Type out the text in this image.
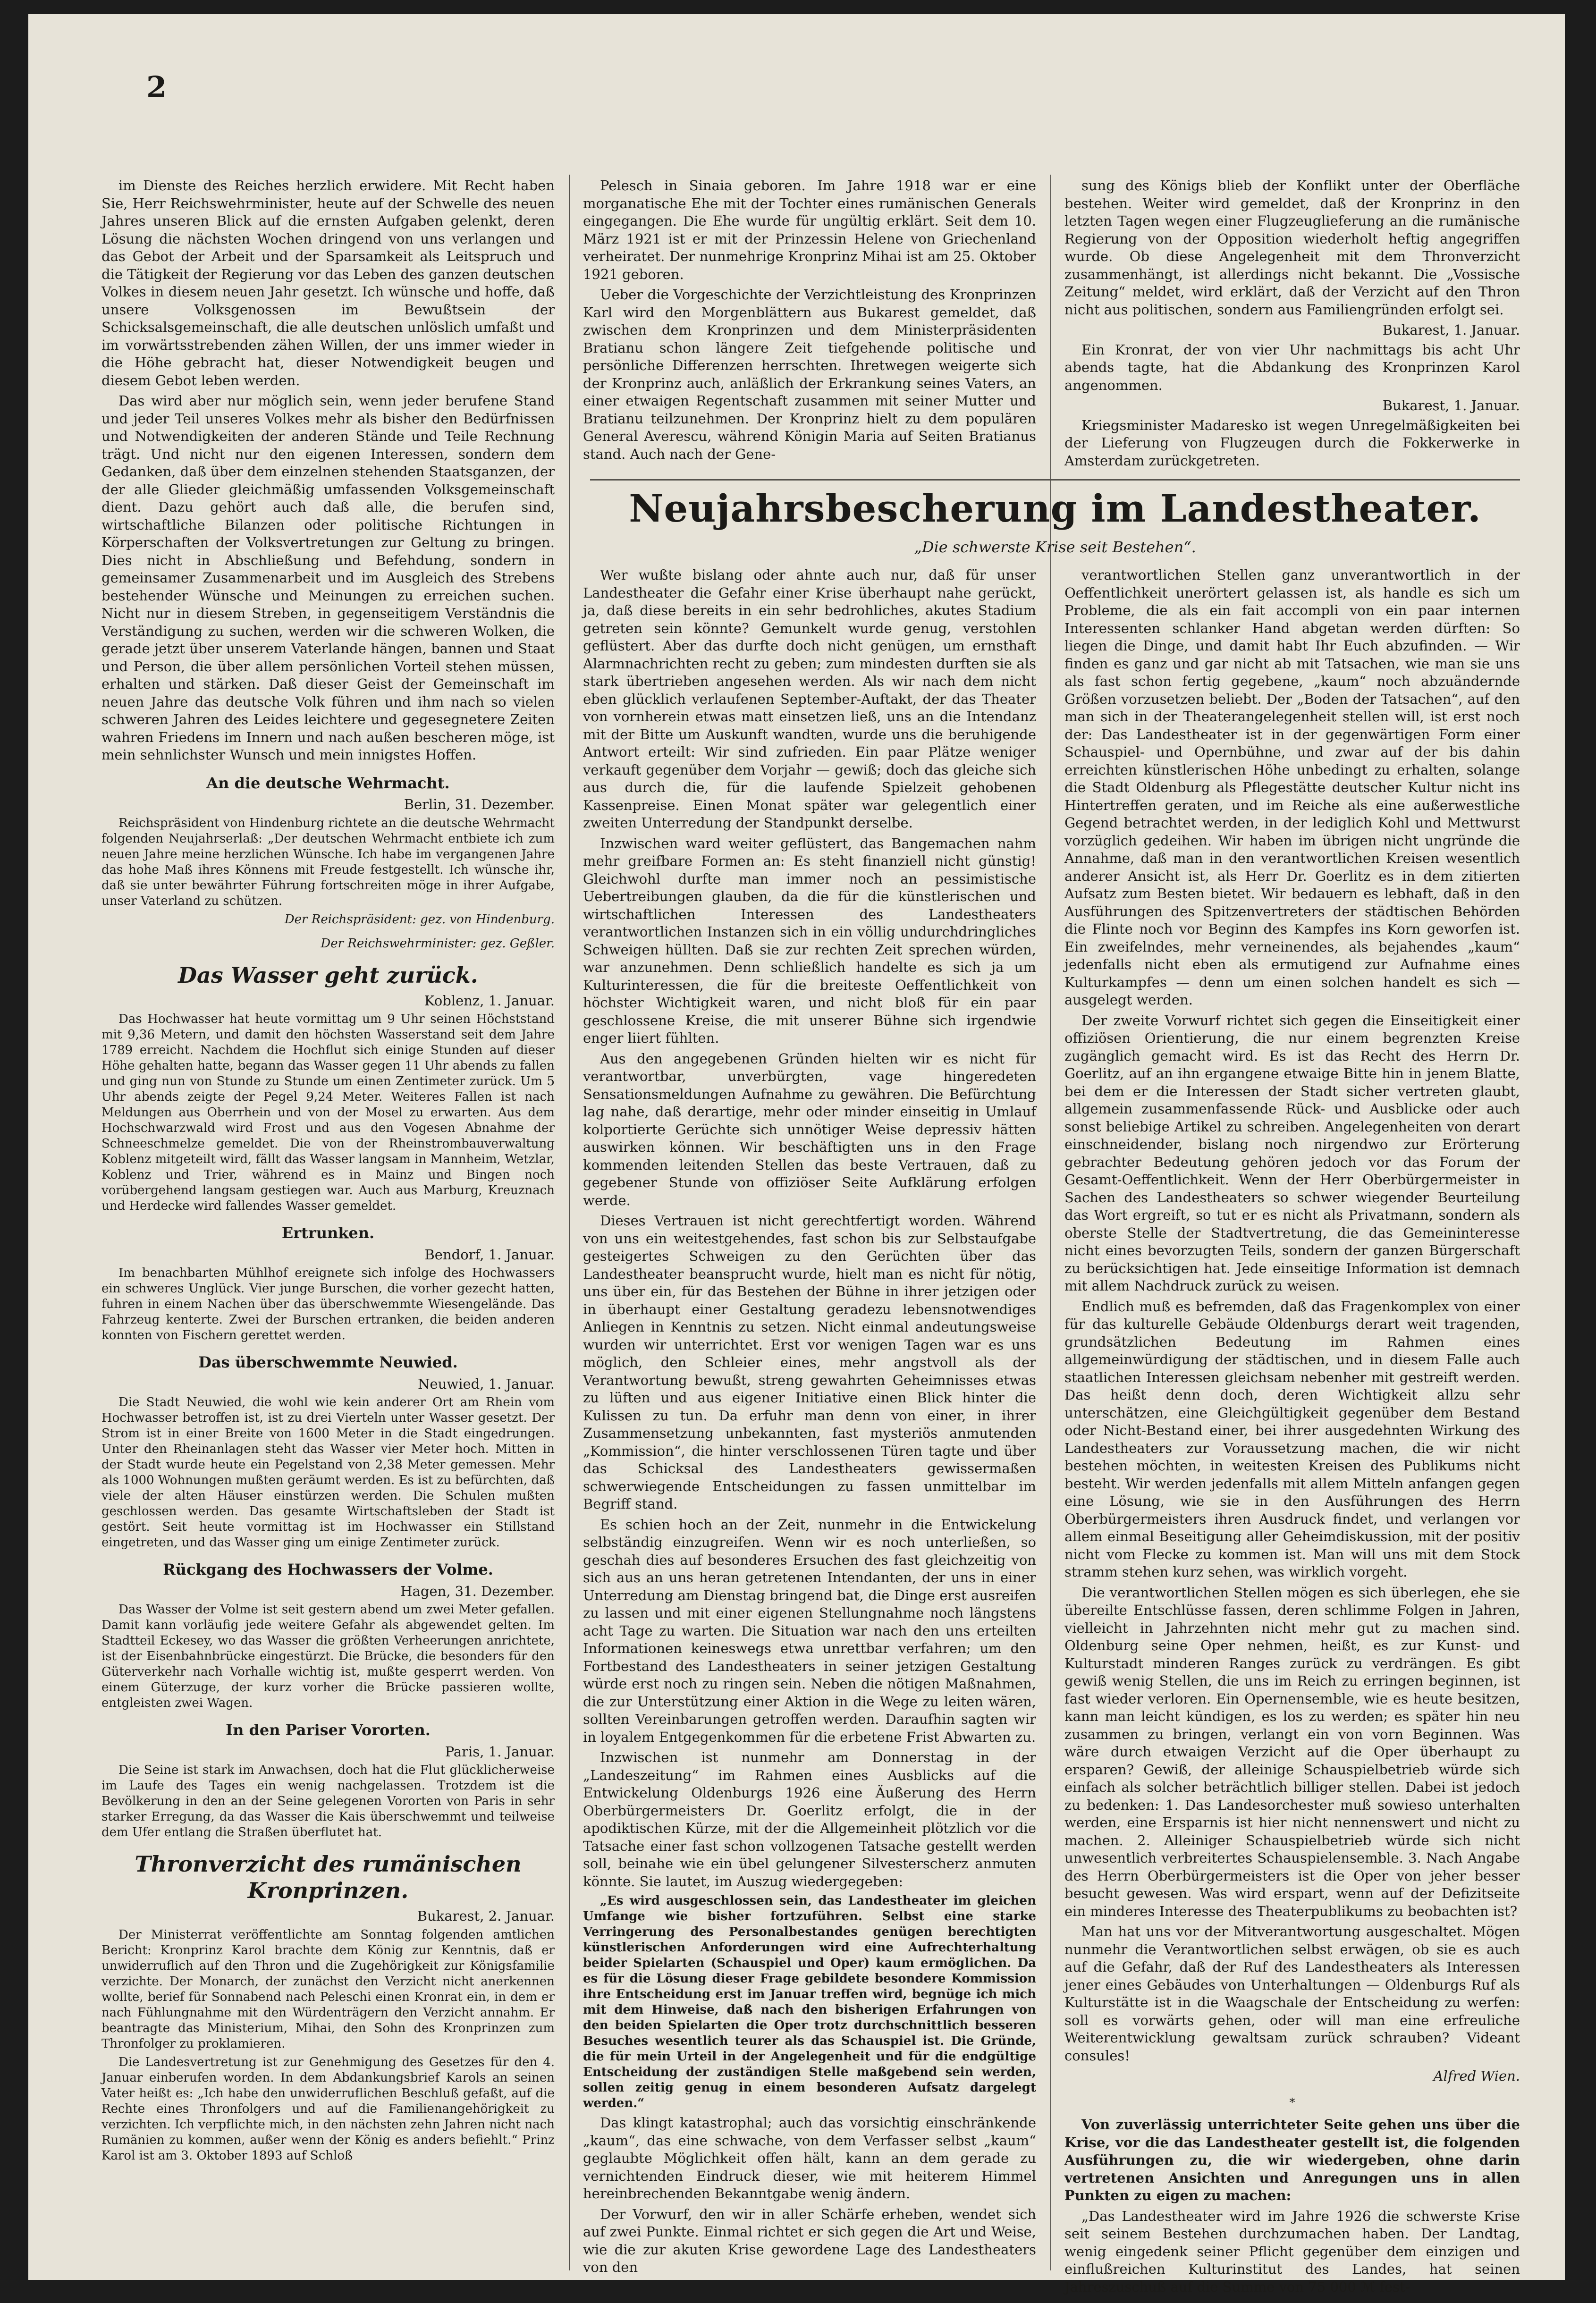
2

im Dienste des Reiches herzlich erwidere. Mit Recht haben Sie, Herr Reichswehrminister, heute auf der Schwelle des neuen Jahres unseren Blick auf die ernsten Aufgaben gelenkt, deren Lösung die nächsten Wochen dringend von uns verlangen und das Gebot der Arbeit und der Sparsamkeit als Leitspruch und die Tätigkeit der Regierung vor das Leben des ganzen deutschen Volkes in diesem neuen Jahr gesetzt. Ich wünsche und hoffe, daß unsere Volksgenossen im Bewußtsein der Schicksalsgemeinschaft, die alle deutschen unlöslich umfaßt und im vorwärtsstrebenden zähen Willen, der uns immer wieder in die Höhe gebracht hat, dieser Notwendigkeit beugen und diesem Gebot leben werden.

Das wird aber nur möglich sein, wenn jeder berufene Stand und jeder Teil unseres Volkes mehr als bisher den Bedürfnissen und Notwendigkeiten der anderen Stände und Teile Rechnung trägt. Und nicht nur den eigenen Interessen, sondern dem Gedanken, daß über dem einzelnen stehenden Staatsganzen, der der alle Glieder gleichmäßig umfassenden Volksgemeinschaft dient. Dazu gehört auch daß alle, die berufen sind, wirtschaftliche Bilanzen oder politische Richtungen in Körperschaften der Volksvertretungen zur Geltung zu bringen. Dies nicht in Abschließung und Befehdung, sondern in gemeinsamer Zusammenarbeit und im Ausgleich des Strebens bestehender Wünsche und Meinungen zu erreichen suchen. Nicht nur in diesem Streben, in gegenseitigem Verständnis die Verständigung zu suchen, werden wir die schweren Wolken, die gerade jetzt über unserem Vaterlande hängen, bannen und Staat und Person, die über allem persönlichen Vorteil stehen müssen, erhalten und stärken. Daß dieser Geist der Gemeinschaft im neuen Jahre das deutsche Volk führen und ihm nach so vielen schweren Jahren des Leides leichtere und gegesegnetere Zeiten wahren Friedens im Innern und nach außen bescheren möge, ist mein sehnlichster Wunsch und mein innigstes Hoffen.

An die deutsche Wehrmacht.
Berlin, 31. Dezember.

Reichspräsident von Hindenburg richtete an die deutsche Wehrmacht folgenden Neujahrserlaß: „Der deutschen Wehrmacht entbiete ich zum neuen Jahre meine herzlichen Wünsche. Ich habe im vergangenen Jahre das hohe Maß ihres Könnens mit Freude festgestellt. Ich wünsche ihr, daß sie unter bewährter Führung fortschreiten möge in ihrer Aufgabe, unser Vaterland zu schützen.

Der Reichspräsident: gez. von Hindenburg.
Der Reichswehrminister: gez. Geßler.
Das Wasser geht zurück.
Koblenz, 1. Januar.

Das Hochwasser hat heute vormittag um 9 Uhr seinen Höchststand mit 9,36 Metern, und damit den höchsten Wasserstand seit dem Jahre 1789 erreicht. Nachdem die Hochflut sich einige Stunden auf dieser Höhe gehalten hatte, begann das Wasser gegen 11 Uhr abends zu fallen und ging nun von Stunde zu Stunde um einen Zentimeter zurück. Um 5 Uhr abends zeigte der Pegel 9,24 Meter. Weiteres Fallen ist nach Meldungen aus Oberrhein und von der Mosel zu erwarten. Aus dem Hochschwarzwald wird Frost und aus den Vogesen Abnahme der Schneeschmelze gemeldet. Die von der Rheinstrombauverwaltung Koblenz mitgeteilt wird, fällt das Wasser langsam in Mannheim, Wetzlar, Koblenz und Trier, während es in Mainz und Bingen noch vorübergehend langsam gestiegen war. Auch aus Marburg, Kreuznach und Herdecke wird fallendes Wasser gemeldet.

Ertrunken.
Bendorf, 1. Januar.

Im benachbarten Mühlhof ereignete sich infolge des Hochwassers ein schweres Unglück. Vier junge Burschen, die vorher gezecht hatten, fuhren in einem Nachen über das überschwemmte Wiesengelände. Das Fahrzeug kenterte. Zwei der Burschen ertranken, die beiden anderen konnten von Fischern gerettet werden.

Das überschwemmte Neuwied.
Neuwied, 1. Januar.

Die Stadt Neuwied, die wohl wie kein anderer Ort am Rhein vom Hochwasser betroffen ist, ist zu drei Vierteln unter Wasser gesetzt. Der Strom ist in einer Breite von 1600 Meter in die Stadt eingedrungen. Unter den Rheinanlagen steht das Wasser vier Meter hoch. Mitten in der Stadt wurde heute ein Pegelstand von 2,38 Meter gemessen. Mehr als 1000 Wohnungen mußten geräumt werden. Es ist zu befürchten, daß viele der alten Häuser einstürzen werden. Die Schulen mußten geschlossen werden. Das gesamte Wirtschaftsleben der Stadt ist gestört. Seit heute vormittag ist im Hochwasser ein Stillstand eingetreten, und das Wasser ging um einige Zentimeter zurück.

Rückgang des Hochwassers der Volme.
Hagen, 31. Dezember.

Das Wasser der Volme ist seit gestern abend um zwei Meter gefallen. Damit kann vorläufig jede weitere Gefahr als abgewendet gelten. Im Stadtteil Eckesey, wo das Wasser die größten Verheerungen anrichtete, ist der Eisenbahnbrücke eingestürzt. Die Brücke, die besonders für den Güterverkehr nach Vorhalle wichtig ist, mußte gesperrt werden. Von einem Güterzuge, der kurz vorher die Brücke passieren wollte, entgleisten zwei Wagen.

In den Pariser Vororten.
Paris, 1. Januar.

Die Seine ist stark im Anwachsen, doch hat die Flut glücklicherweise im Laufe des Tages ein wenig nachgelassen. Trotzdem ist die Bevölkerung in den an der Seine gelegenen Vororten von Paris in sehr starker Erregung, da das Wasser die Kais überschwemmt und teilweise dem Ufer entlang die Straßen überflutet hat.

Thronverzicht des rumänischen Kronprinzen.
Bukarest, 2. Januar.

Der Ministerrat veröffentlichte am Sonntag folgenden amtlichen Bericht: Kronprinz Karol brachte dem König zur Kenntnis, daß er unwiderruflich auf den Thron und die Zugehörigkeit zur Königsfamilie verzichte. Der Monarch, der zunächst den Verzicht nicht anerkennen wollte, berief für Sonnabend nach Peleschi einen Kronrat ein, in dem er nach Fühlungnahme mit den Würdenträgern den Verzicht annahm. Er beantragte das Ministerium, Mihai, den Sohn des Kronprinzen zum Thronfolger zu proklamieren.

Die Landesvertretung ist zur Genehmigung des Gesetzes für den 4. Januar einberufen worden. In dem Abdankungsbrief Karols an seinen Vater heißt es: „Ich habe den unwiderruflichen Beschluß gefaßt, auf die Rechte eines Thronfolgers und auf die Familienangehörigkeit zu verzichten. Ich verpflichte mich, in den nächsten zehn Jahren nicht nach Rumänien zu kommen, außer wenn der König es anders befiehlt.“ Prinz Karol ist am 3. Oktober 1893 auf Schloß

Pelesch in Sinaia geboren. Im Jahre 1918 war er eine morganatische Ehe mit der Tochter eines rumänischen Generals eingegangen. Die Ehe wurde für ungültig erklärt. Seit dem 10. März 1921 ist er mit der Prinzessin Helene von Griechenland verheiratet. Der nunmehrige Kronprinz Mihai ist am 25. Oktober 1921 geboren.

Ueber die Vorgeschichte der Verzichtleistung des Kronprinzen Karl wird den Morgenblättern aus Bukarest gemeldet, daß zwischen dem Kronprinzen und dem Ministerpräsidenten Bratianu schon längere Zeit tiefgehende politische und persönliche Differenzen herrschten. Ihretwegen weigerte sich der Kronprinz auch, anläßlich der Erkrankung seines Vaters, an einer etwaigen Regentschaft zusammen mit seiner Mutter und Bratianu teilzunehmen. Der Kronprinz hielt zu dem populären General Averescu, während Königin Maria auf Seiten Bratianus stand. Auch nach der Gene-

sung des Königs blieb der Konflikt unter der Oberfläche bestehen. Weiter wird gemeldet, daß der Kronprinz in den letzten Tagen wegen einer Flugzeuglieferung an die rumänische Regierung von der Opposition wiederholt heftig angegriffen wurde. Ob diese Angelegenheit mit dem Thronverzicht zusammenhängt, ist allerdings nicht bekannt. Die „Vossische Zeitung“ meldet, wird erklärt, daß der Verzicht auf den Thron nicht aus politischen, sondern aus Familiengründen erfolgt sei.

Bukarest, 1. Januar.

Ein Kronrat, der von vier Uhr nachmittags bis acht Uhr abends tagte, hat die Abdankung des Kronprinzen Karol angenommen.

Bukarest, 1. Januar.

Kriegsminister Madaresko ist wegen Unregelmäßigkeiten bei der Lieferung von Flugzeugen durch die Fokkerwerke in Amsterdam zurückgetreten.

Neujahrsbescherung im Landestheater.
„Die schwerste Krise seit Bestehen“.

Wer wußte bislang oder ahnte auch nur, daß für unser Landestheater die Gefahr einer Krise überhaupt nahe gerückt, ja, daß diese bereits in ein sehr bedrohliches, akutes Stadium getreten sein könnte? Gemunkelt wurde genug, verstohlen geflüstert. Aber das durfte doch nicht genügen, um ernsthaft Alarmnachrichten recht zu geben; zum mindesten durften sie als stark übertrieben angesehen werden. Als wir nach dem nicht eben glücklich verlaufenen September-Auftakt, der das Theater von vornherein etwas matt einsetzen ließ, uns an die Intendanz mit der Bitte um Auskunft wandten, wurde uns die beruhigende Antwort erteilt: Wir sind zufrieden. Ein paar Plätze weniger verkauft gegenüber dem Vorjahr — gewiß; doch das gleiche sich aus durch die, für die laufende Spielzeit gehobenen Kassenpreise. Einen Monat später war gelegentlich einer zweiten Unterredung der Standpunkt derselbe.

Inzwischen ward weiter geflüstert, das Bangemachen nahm mehr greifbare Formen an: Es steht finanziell nicht günstig! Gleichwohl durfte man immer noch an pessimistische Uebertreibungen glauben, da die für die künstlerischen und wirtschaftlichen Interessen des Landestheaters verantwortlichen Instanzen sich in ein völlig undurchdringliches Schweigen hüllten. Daß sie zur rechten Zeit sprechen würden, war anzunehmen. Denn schließlich handelte es sich ja um Kulturinteressen, die für die breiteste Oeffentlichkeit von höchster Wichtigkeit waren, und nicht bloß für ein paar geschlossene Kreise, die mit unserer Bühne sich irgendwie enger liiert fühlten.

Aus den angegebenen Gründen hielten wir es nicht für verantwortbar, unverbürgten, vage hingeredeten Sensationsmeldungen Aufnahme zu gewähren. Die Befürchtung lag nahe, daß derartige, mehr oder minder einseitig in Umlauf kolportierte Gerüchte sich unnötiger Weise depressiv hätten auswirken können. Wir beschäftigten uns in den Frage kommenden leitenden Stellen das beste Vertrauen, daß zu gegebener Stunde von offiziöser Seite Aufklärung erfolgen werde.

Dieses Vertrauen ist nicht gerechtfertigt worden. Während von uns ein weitestgehendes, fast schon bis zur Selbstaufgabe gesteigertes Schweigen zu den Gerüchten über das Landestheater beansprucht wurde, hielt man es nicht für nötig, uns über ein, für das Bestehen der Bühne in ihrer jetzigen oder in überhaupt einer Gestaltung geradezu lebensnotwendiges Anliegen in Kenntnis zu setzen. Nicht einmal andeutungsweise wurden wir unterrichtet. Erst vor wenigen Tagen war es uns möglich, den Schleier eines, mehr angstvoll als der Verantwortung bewußt, streng gewahrten Geheimnisses etwas zu lüften und aus eigener Initiative einen Blick hinter die Kulissen zu tun. Da erfuhr man denn von einer, in ihrer Zusammensetzung unbekannten, fast mysteriös anmutenden „Kommission“, die hinter verschlossenen Türen tagte und über das Schicksal des Landestheaters gewissermaßen schwerwiegende Entscheidungen zu fassen unmittelbar im Begriff stand.

Es schien hoch an der Zeit, nunmehr in die Entwickelung selbständig einzugreifen. Wenn wir es noch unterließen, so geschah dies auf besonderes Ersuchen des fast gleichzeitig von sich aus an uns heran getretenen Intendanten, der uns in einer Unterredung am Dienstag bringend bat, die Dinge erst ausreifen zu lassen und mit einer eigenen Stellungnahme noch längstens acht Tage zu warten. Die Situation war nach den uns erteilten Informationen keineswegs etwa unrettbar verfahren; um den Fortbestand des Landestheaters in seiner jetzigen Gestaltung würde erst noch zu ringen sein. Neben die nötigen Maßnahmen, die zur Unterstützung einer Aktion in die Wege zu leiten wären, sollten Vereinbarungen getroffen werden. Daraufhin sagten wir in loyalem Entgegenkommen für die erbetene Frist Abwarten zu.

Inzwischen ist nunmehr am Donnerstag in der „Landeszeitung“ im Rahmen eines Ausblicks auf die Entwickelung Oldenburgs 1926 eine Äußerung des Herrn Oberbürgermeisters Dr. Goerlitz erfolgt, die in der apodiktischen Kürze, mit der die Allgemeinheit plötzlich vor die Tatsache einer fast schon vollzogenen Tatsache gestellt werden soll, beinahe wie ein übel gelungener Silvesterscherz anmuten könnte. Sie lautet, im Auszug wiedergegeben:

„Es wird ausgeschlossen sein, das Landestheater im gleichen Umfange wie bisher fortzuführen. Selbst eine starke Verringerung des Personalbestandes genügen berechtigten künstlerischen Anforderungen wird eine Aufrechterhaltung beider Spielarten (Schauspiel und Oper) kaum ermöglichen. Da es für die Lösung dieser Frage gebildete besondere Kommission ihre Entscheidung erst im Januar treffen wird, begnüge ich mich mit dem Hinweise, daß nach den bisherigen Erfahrungen von den beiden Spielarten die Oper trotz durchschnittlich besseren Besuches wesentlich teurer als das Schauspiel ist. Die Gründe, die für mein Urteil in der Angelegenheit und für die endgültige Entscheidung der zuständigen Stelle maßgebend sein werden, sollen zeitig genug in einem besonderen Aufsatz dargelegt werden.“

Das klingt katastrophal; auch das vorsichtig einschränkende „kaum“, das eine schwache, von dem Verfasser selbst „kaum“ geglaubte Möglichkeit offen hält, kann an dem gerade zu vernichtenden Eindruck dieser, wie mit heiterem Himmel hereinbrechenden Bekanntgabe wenig ändern.

Der Vorwurf, den wir in aller Schärfe erheben, wendet sich auf zwei Punkte. Einmal richtet er sich gegen die Art und Weise, wie die zur akuten Krise gewordene Lage des Landestheaters von den

verantwortlichen Stellen ganz unverantwortlich in der Oeffentlichkeit unerörtert gelassen ist, als handle es sich um Probleme, die als ein fait accompli von ein paar internen Interessenten schlanker Hand abgetan werden dürften: So liegen die Dinge, und damit habt Ihr Euch abzufinden. — Wir finden es ganz und gar nicht ab mit Tatsachen, wie man sie uns als fast schon fertig gegebene, „kaum“ noch abzuändernde Größen vorzusetzen beliebt. Der „Boden der Tatsachen“, auf den man sich in der Theaterangelegenheit stellen will, ist erst noch der: Das Landestheater ist in der gegenwärtigen Form einer Schauspiel- und Opernbühne, und zwar auf der bis dahin erreichten künstlerischen Höhe unbedingt zu erhalten, solange die Stadt Oldenburg als Pflegestätte deutscher Kultur nicht ins Hintertreffen geraten, und im Reiche als eine außerwestliche Gegend betrachtet werden, in der lediglich Kohl und Mettwurst vorzüglich gedeihen. Wir haben im übrigen nicht ungründe die Annahme, daß man in den verantwortlichen Kreisen wesentlich anderer Ansicht ist, als Herr Dr. Goerlitz es in dem zitierten Aufsatz zum Besten bietet. Wir bedauern es lebhaft, daß in den Ausführungen des Spitzenvertreters der städtischen Behörden die Flinte noch vor Beginn des Kampfes ins Korn geworfen ist. Ein zweifelndes, mehr verneinendes, als bejahendes „kaum“ jedenfalls nicht eben als ermutigend zur Aufnahme eines Kulturkampfes — denn um einen solchen handelt es sich — ausgelegt werden.

Der zweite Vorwurf richtet sich gegen die Einseitigkeit einer offiziösen Orientierung, die nur einem begrenzten Kreise zugänglich gemacht wird. Es ist das Recht des Herrn Dr. Goerlitz, auf an ihn ergangene etwaige Bitte hin in jenem Blatte, bei dem er die Interessen der Stadt sicher vertreten glaubt, allgemein zusammenfassende Rück- und Ausblicke oder auch sonst beliebige Artikel zu schreiben. Angelegenheiten von derart einschneidender, bislang noch nirgendwo zur Erörterung gebrachter Bedeutung gehören jedoch vor das Forum der Gesamt-Oeffentlichkeit. Wenn der Herr Oberbürgermeister in Sachen des Landestheaters so schwer wiegender Beurteilung das Wort ergreift, so tut er es nicht als Privatmann, sondern als oberste Stelle der Stadtvertretung, die das Gemeininteresse nicht eines bevorzugten Teils, sondern der ganzen Bürgerschaft zu berücksichtigen hat. Jede einseitige Information ist demnach mit allem Nachdruck zurück zu weisen.

Endlich muß es befremden, daß das Fragenkomplex von einer für das kulturelle Gebäude Oldenburgs derart weit tragenden, grundsätzlichen Bedeutung im Rahmen eines allgemeinwürdigung der städtischen, und in diesem Falle auch staatlichen Interessen gleichsam nebenher mit gestreift werden. Das heißt denn doch, deren Wichtigkeit allzu sehr unterschätzen, eine Gleichgültigkeit gegenüber dem Bestand oder Nicht-Bestand einer, bei ihrer ausgedehnten Wirkung des Landestheaters zur Voraussetzung machen, die wir nicht bestehen möchten, in weitesten Kreisen des Publikums nicht besteht. Wir werden jedenfalls mit allem Mitteln anfangen gegen eine Lösung, wie sie in den Ausführungen des Herrn Oberbürgermeisters ihren Ausdruck findet, und verlangen vor allem einmal Beseitigung aller Geheimdiskussion, mit der positiv nicht vom Flecke zu kommen ist. Man will uns mit dem Stock stramm stehen kurz sehen, was wirklich vorgeht.

Die verantwortlichen Stellen mögen es sich überlegen, ehe sie übereilte Entschlüsse fassen, deren schlimme Folgen in Jahren, vielleicht in Jahrzehnten nicht mehr gut zu machen sind. Oldenburg seine Oper nehmen, heißt, es zur Kunst- und Kulturstadt minderen Ranges zurück zu verdrängen. Es gibt gewiß wenig Stellen, die uns im Reich zu erringen beginnen, ist fast wieder verloren. Ein Opernensemble, wie es heute besitzen, kann man leicht kündigen, es los zu werden; es später hin neu zusammen zu bringen, verlangt ein von vorn Beginnen. Was wäre durch etwaigen Verzicht auf die Oper überhaupt zu ersparen? Gewiß, der alleinige Schauspielbetrieb würde sich einfach als solcher beträchtlich billiger stellen. Dabei ist jedoch zu bedenken: 1. Das Landesorchester muß sowieso unterhalten werden, eine Ersparnis ist hier nicht nennenswert und nicht zu machen. 2. Alleiniger Schauspielbetrieb würde sich nicht unwesentlich verbreitertes Schauspielensemble. 3. Nach Angabe des Herrn Oberbürgermeisters ist die Oper von jeher besser besucht gewesen. Was wird erspart, wenn auf der Defizitseite ein minderes Interesse des Theaterpublikums zu beobachten ist?

Man hat uns vor der Mitverantwortung ausgeschaltet. Mögen nunmehr die Verantwortlichen selbst erwägen, ob sie es auch auf die Gefahr, daß der Ruf des Landestheaters als Interessen jener eines Gebäudes von Unterhaltungen — Oldenburgs Ruf als Kulturstätte ist in die Waagschale der Entscheidung zu werfen: soll es vorwärts gehen, oder will man eine erfreuliche Weiterentwicklung gewaltsam zurück schrauben? Videant consules!

Alfred Wien.
*

Von zuverlässig unterrichteter Seite gehen uns über die Krise, vor die das Landestheater gestellt ist, die folgenden Ausführungen zu, die wir wiedergeben, ohne darin vertretenen Ansichten und Anregungen uns in allen Punkten zu eigen zu machen:

„Das Landestheater wird im Jahre 1926 die schwerste Krise seit seinem Bestehen durchzumachen haben. Der Landtag, wenig eingedenk seiner Pflicht gegenüber dem einzigen und einflußreichen Kulturinstitut des Landes, hat seinen Jahreszuschuß auf die Summe von 75 000 ℳ fest-
